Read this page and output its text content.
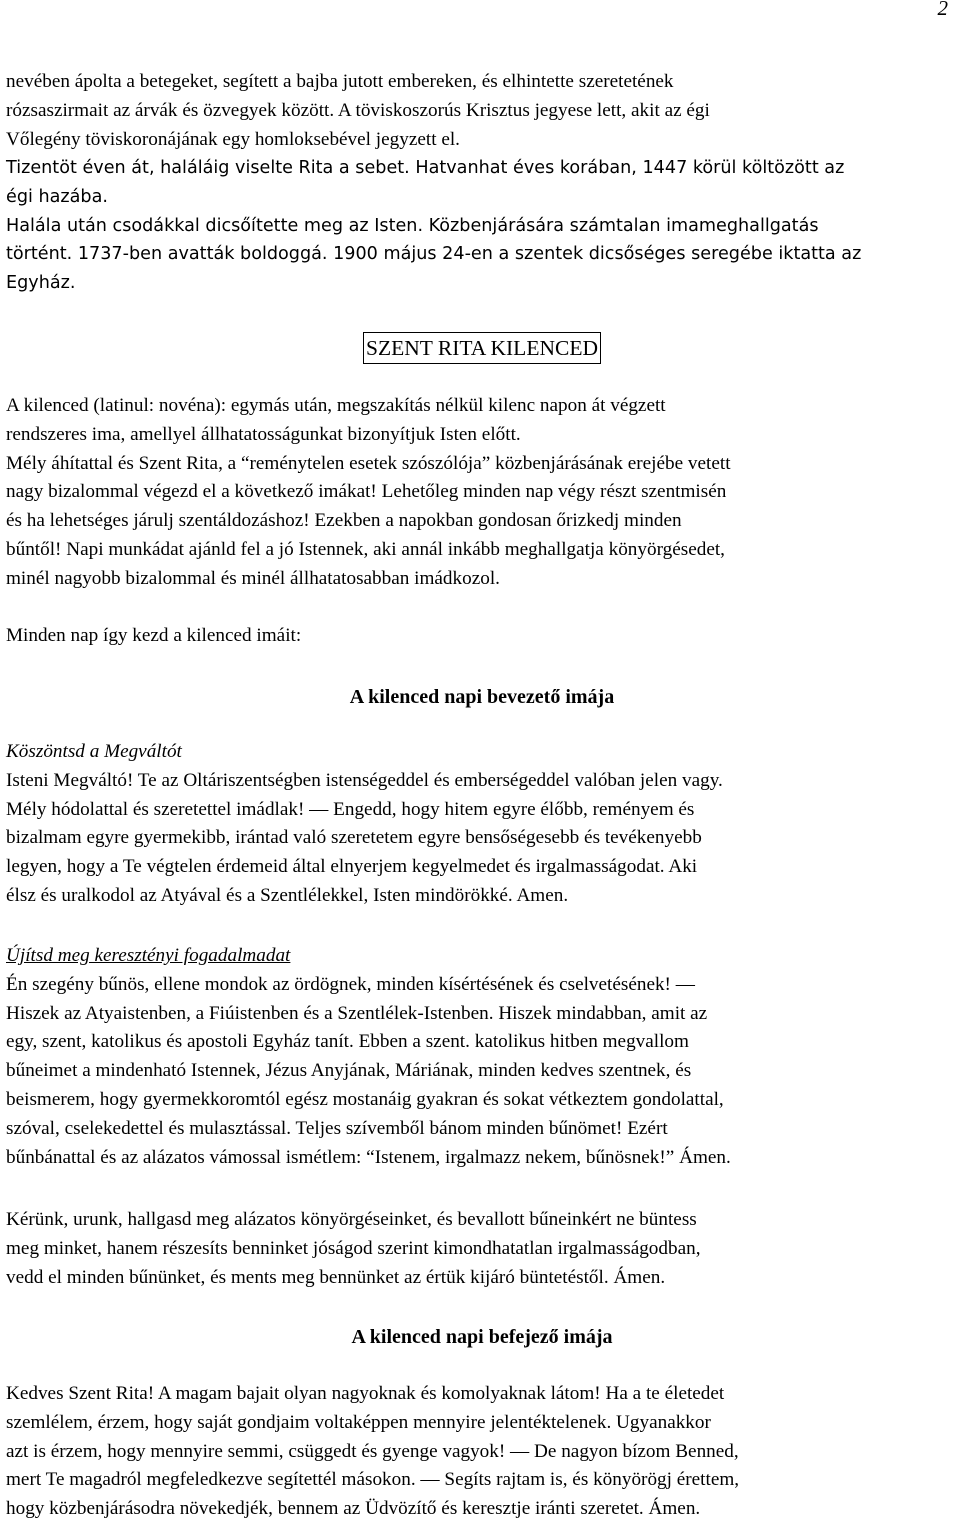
2
nevében ápolta a betegeket, segített a bajba jutott embereken, és elhintette szeretetének
rózsaszirmait az árvák és özvegyek között. A töviskoszorús Krisztus jegyese lett, akit az égi
Vőlegény töviskoronájának egy homloksebével jegyzett el.
Tizentöt éven át, haláláig viselte Rita a sebet. Hatvanhat éves korában, 1447 körül költözött az
égi hazába.
Halála után csodákkal dicsőítette meg az Isten. Közbenjárására számtalan imameghallgatás
történt. 1737-ben avatták boldoggá. 1900 május 24-en a szentek dicsőséges seregébe iktatta az
Egyház.
SZENT RITA KILENCED
A kilenced (latinul: novéna): egymás után, megszakítás nélkül kilenc napon át végzett
rendszeres ima, amellyel állhatatosságunkat bizonyítjuk Isten előtt.
Mély áhítattal és Szent Rita, a “reménytelen esetek szószólója” közbenjárásának erejébe vetett
nagy bizalommal végezd el a következő imákat! Lehetőleg minden nap végy részt szentmisén
és ha lehetséges járulj szentáldozáshoz! Ezekben a napokban gondosan őrizkedj minden
bűntől! Napi munkádat ajánld fel a jó Istennek, aki annál inkább meghallgatja könyörgésedet,
minél nagyobb bizalommal és minél állhatatosabban imádkozol.
Minden nap így kezd a kilenced imáit:
A kilenced napi bevezető imája
Köszöntsd a Megváltót
Isteni Megváltó! Te az Oltáriszentségben istenségeddel és emberségeddel valóban jelen vagy.
Mély hódolattal és szeretettel imádlak! ― Engedd, hogy hitem egyre élőbb, reményem és
bizalmam egyre gyermekibb, irántad való szeretetem egyre bensőségesebb és tevékenyebb
legyen, hogy a Te végtelen érdemeid által elnyerjem kegyelmedet és irgalmasságodat. Aki
élsz és uralkodol az Atyával és a Szentlélekkel, Isten mindörökké. Amen.
Újítsd meg keresztényi fogadalmadat
Én szegény bűnös, ellene mondok az ördögnek, minden kísértésének és cselvetésének! ―
Hiszek az Atyaistenben, a Fiúistenben és a Szentlélek-Istenben. Hiszek mindabban, amit az
egy, szent, katolikus és apostoli Egyház tanít. Ebben a szent. katolikus hitben megvallom
bűneimet a mindenható Istennek, Jézus Anyjának, Máriának, minden kedves szentnek, és
beismerem, hogy gyermekkoromtól egész mostanáig gyakran és sokat vétkeztem gondolattal,
szóval, cselekedettel és mulasztással. Teljes szívemből bánom minden bűnömet! Ezért
bűnbánattal és az alázatos vámossal ismétlem: “Istenem, irgalmazz nekem, bűnösnek!” Ámen.
Kérünk, urunk, hallgasd meg alázatos könyörgéseinket, és bevallott bűneinkért ne büntess
meg minket, hanem részesíts benninket jóságod szerint kimondhatatlan irgalmasságodban,
vedd el minden bűnünket, és ments meg bennünket az értük kijáró büntetéstől. Ámen.
A kilenced napi befejező imája
Kedves Szent Rita! A magam bajait olyan nagyoknak és komolyaknak látom! Ha a te életedet
szemlélem, érzem, hogy saját gondjaim voltaképpen mennyire jelentéktelenek. Ugyanakkor
azt is érzem, hogy mennyire semmi, csüggedt és gyenge vagyok! ― De nagyon bízom Benned,
mert Te magadról megfeledkezve segítettél másokon. ― Segíts rajtam is, és könyörögj érettem,
hogy közbenjárásodra növekedjék, bennem az Üdvözítő és keresztje iránti szeretet. Ámen.
